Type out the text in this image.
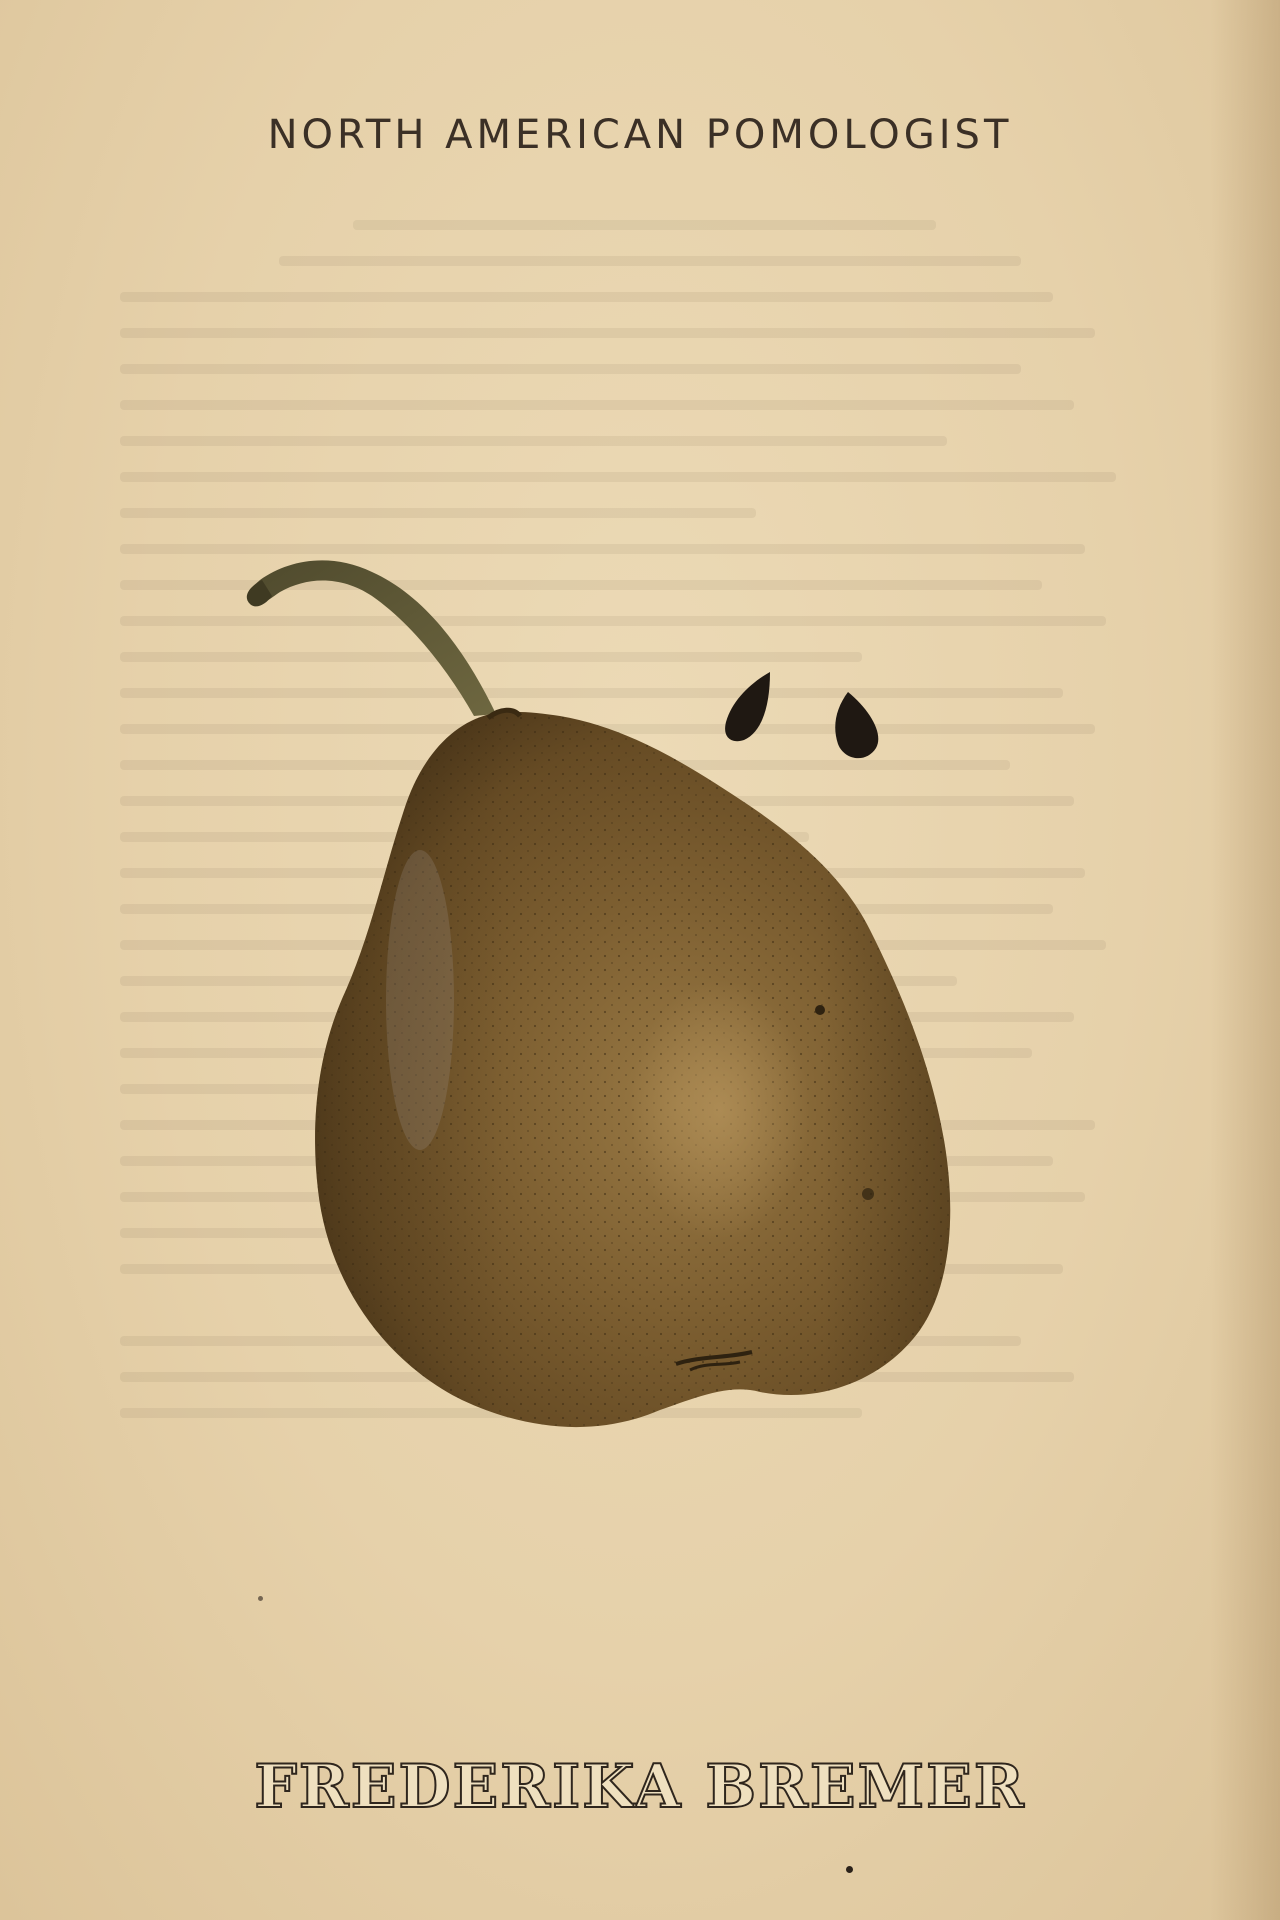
NORTH AMERICAN POMOLOGIST
FREDERIKA BREMER
